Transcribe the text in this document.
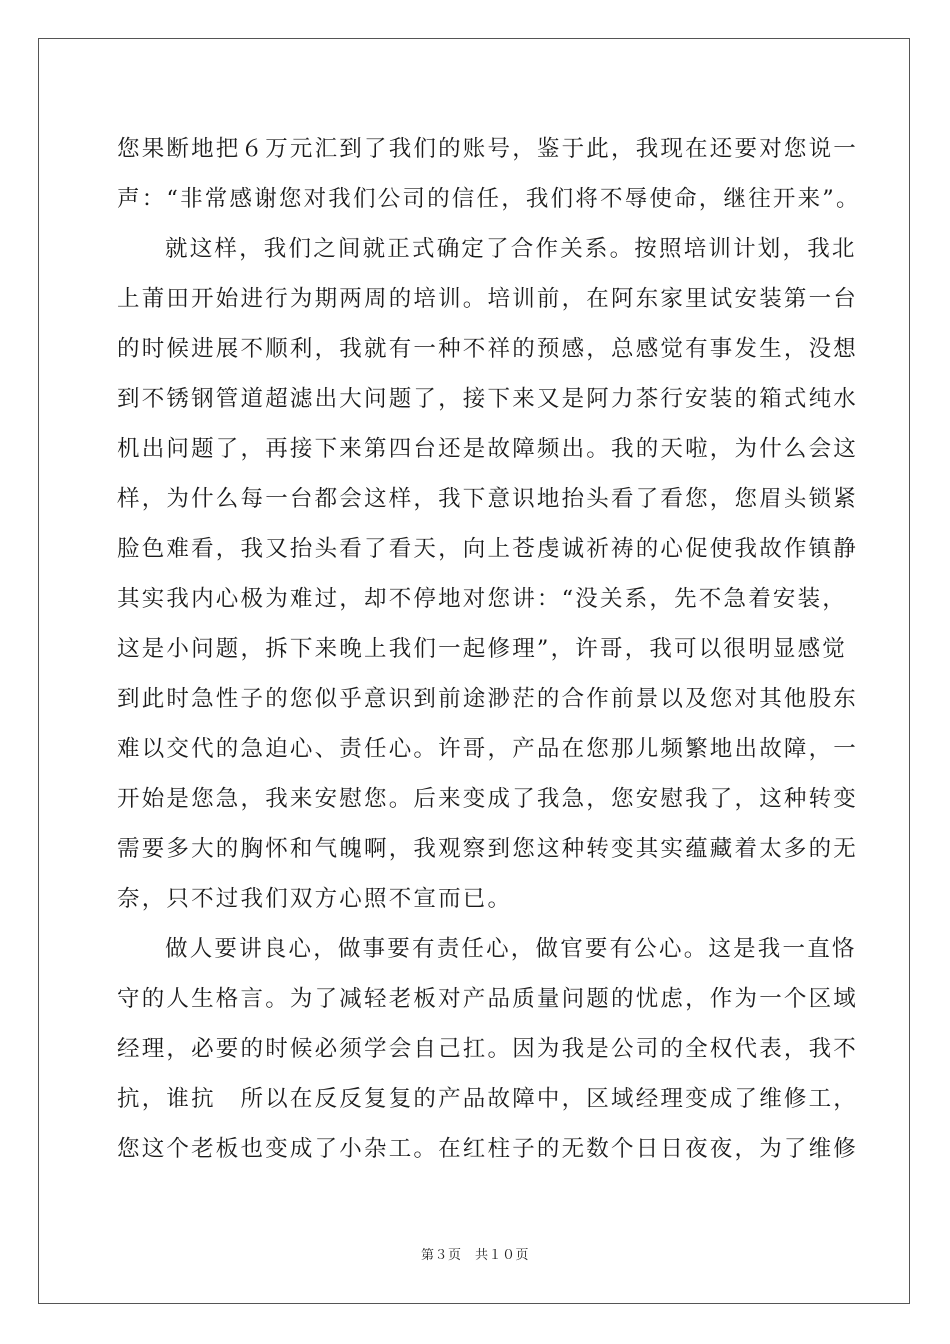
您果断地把６万元汇到了我们的账号，鉴于此，我现在还要对您说一
声：“非常感谢您对我们公司的信任，我们将不辱使命，继往开来”。
就这样，我们之间就正式确定了合作关系。按照培训计划，我北
上莆田开始进行为期两周的培训。培训前，在阿东家里试安装第一台
的时候进展不顺利，我就有一种不祥的预感，总感觉有事发生，没想
到不锈钢管道超滤出大问题了，接下来又是阿力茶行安装的箱式纯水
机出问题了，再接下来第四台还是故障频出。我的天啦，为什么会这
样，为什么每一台都会这样，我下意识地抬头看了看您，您眉头锁紧
脸色难看，我又抬头看了看天，向上苍虔诚祈祷的心促使我故作镇静
其实我内心极为难过，却不停地对您讲：“没关系，先不急着安装，
这是小问题，拆下来晚上我们一起修理”，许哥，我可以很明显感觉
到此时急性子的您似乎意识到前途渺茫的合作前景以及您对其他股东
难以交代的急迫心、责任心。许哥，产品在您那儿频繁地出故障，一
开始是您急，我来安慰您。后来变成了我急，您安慰我了，这种转变
需要多大的胸怀和气魄啊，我观察到您这种转变其实蕴藏着太多的无
奈，只不过我们双方心照不宣而已。
做人要讲良心，做事要有责任心，做官要有公心。这是我一直恪
守的人生格言。为了减轻老板对产品质量问题的忧虑，作为一个区域
经理，必要的时候必须学会自己扛。因为我是公司的全权代表，我不
抗，谁抗　所以在反反复复的产品故障中，区域经理变成了维修工，
您这个老板也变成了小杂工。在红柱子的无数个日日夜夜，为了维修
第３页　共１０页
